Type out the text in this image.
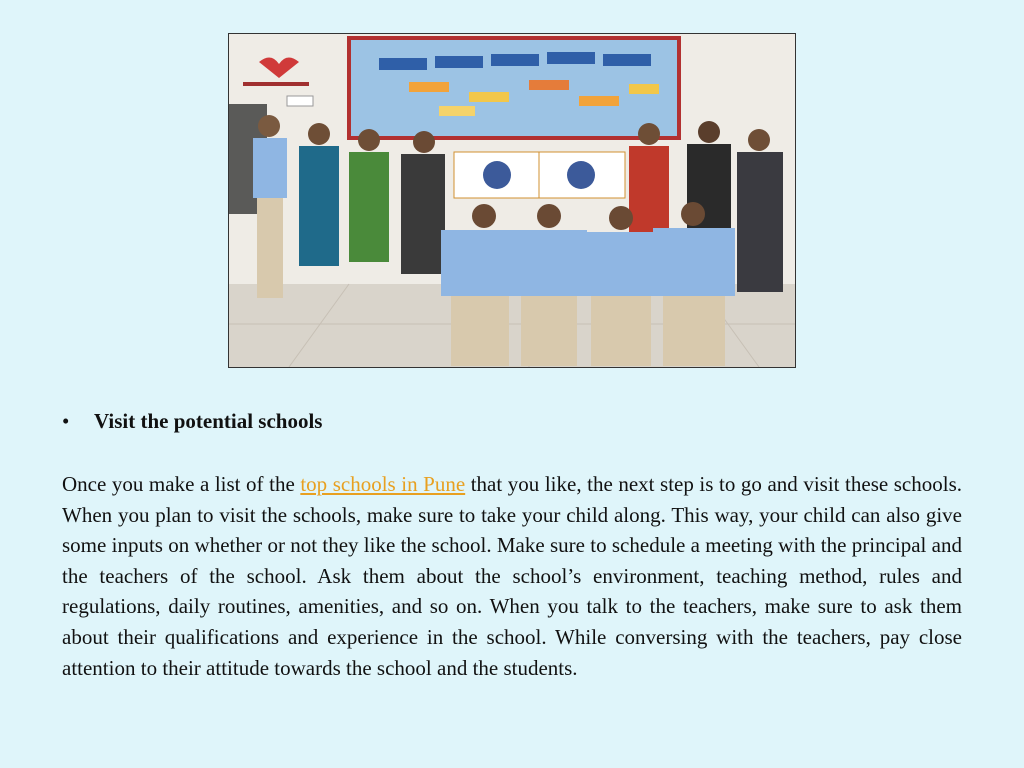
•	Visit the potential schools

Once you make a list of the top schools in Pune that you like, the next step is to go and visit these schools. When you plan to visit the schools, make sure to take your child along. This way, your child can also give some inputs on whether or not they like the school. Make sure to schedule a meeting with the principal and the teachers of the school. Ask them about the school’s environment, teaching method, rules and regulations, daily routines, amenities, and so on. When you talk to the teachers, make sure to ask them about their qualifications and experience in the school. While conversing with the teachers, pay close attention to their attitude towards the school and the students.
